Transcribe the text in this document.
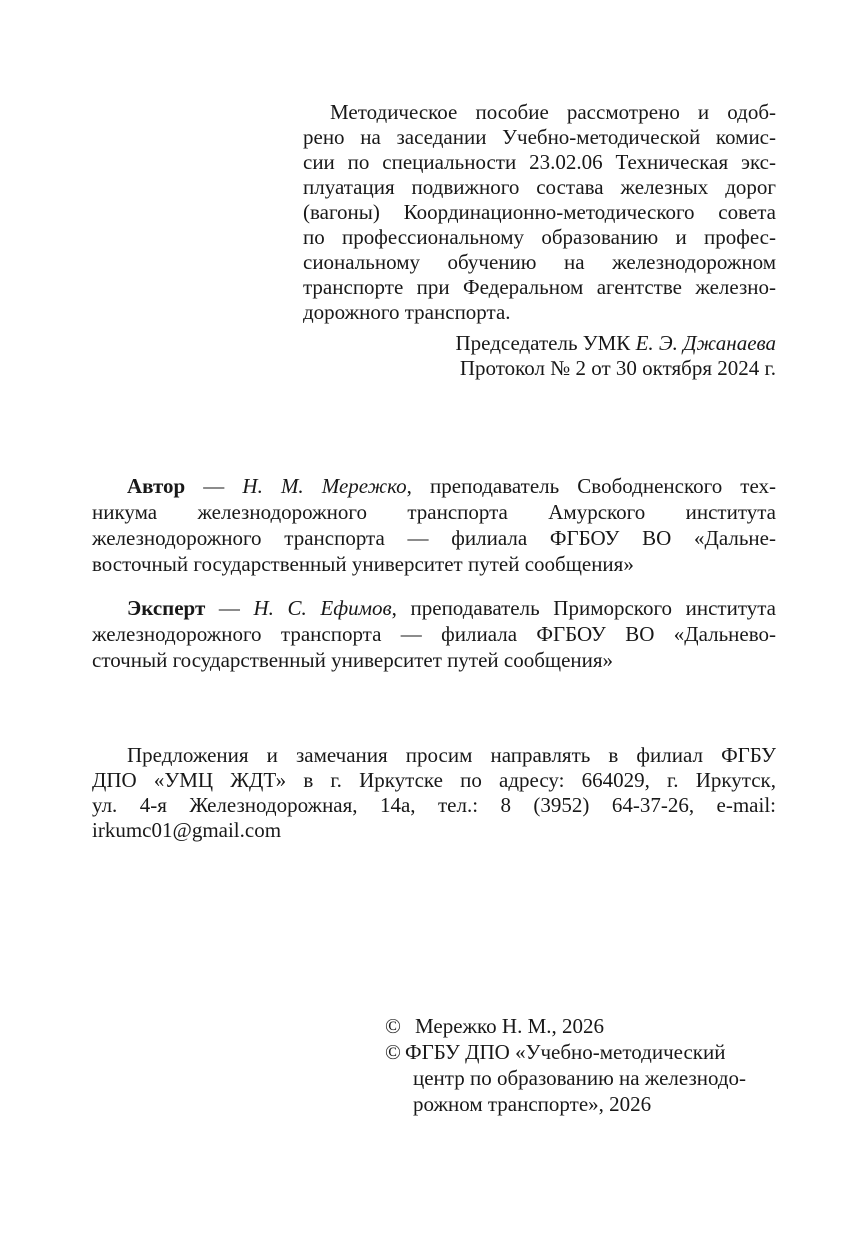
Методическое пособие рассмотрено и одоб-
рено на заседании Учебно-методической комис-
сии по специальности 23.02.06 Техническая экс-
плуатация подвижного состава железных дорог
(вагоны) Координационно-методического совета
по профессиональному образованию и профес-
сиональному обучению на железнодорожном
транспорте при Федеральном агентстве железно-
дорожного транспорта.
Председатель УМК Е. Э. Джанаева
Протокол № 2 от 30 октября 2024 г.
Автор — Н. М. Мережко, преподаватель Свободненского тех-
никума железнодорожного транспорта Амурского института
железнодорожного транспорта — филиала ФГБОУ ВО «Дальне-
восточный государственный университет путей сообщения»
Эксперт — Н. С. Ефимов, преподаватель Приморского института
железнодорожного транспорта — филиала ФГБОУ ВО «Дальнево-
сточный государственный университет путей сообщения»
Предложения и замечания просим направлять в филиал ФГБУ
ДПО «УМЦ ЖДТ» в г. Иркутске по адресу: 664029, г. Иркутск,
ул. 4-я Железнодорожная, 14а, тел.: 8 (3952) 64-37-26, e-mail:
irkumc01@gmail.com
© Мережко Н. М., 2026
© ФГБУ ДПО «Учебно-методический
центр по образованию на железнодо-
рожном транспорте», 2026
